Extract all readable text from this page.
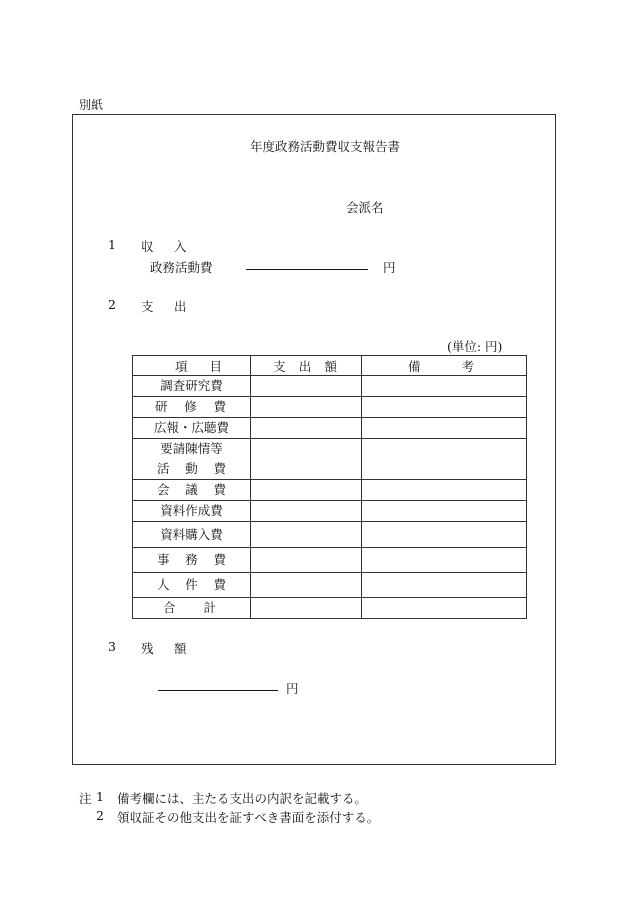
別紙
年度政務活動費収支報告書
会派名
1 収　入
政務活動費	円
2 支　出
(単位: 円)
項 目	支 出 額	備 考

調査研究費		

研 修 費		

広報・広聴費		

要請陳情等
活 動 費		

会 議 費		

資料作成費		
資料購入費		

事 務 費		

人 件 費		

合 計		

3 残　額
円
注 1 備考欄には、主たる支出の内訳を記載する。
2 領収証その他支出を証すべき書面を添付する。
